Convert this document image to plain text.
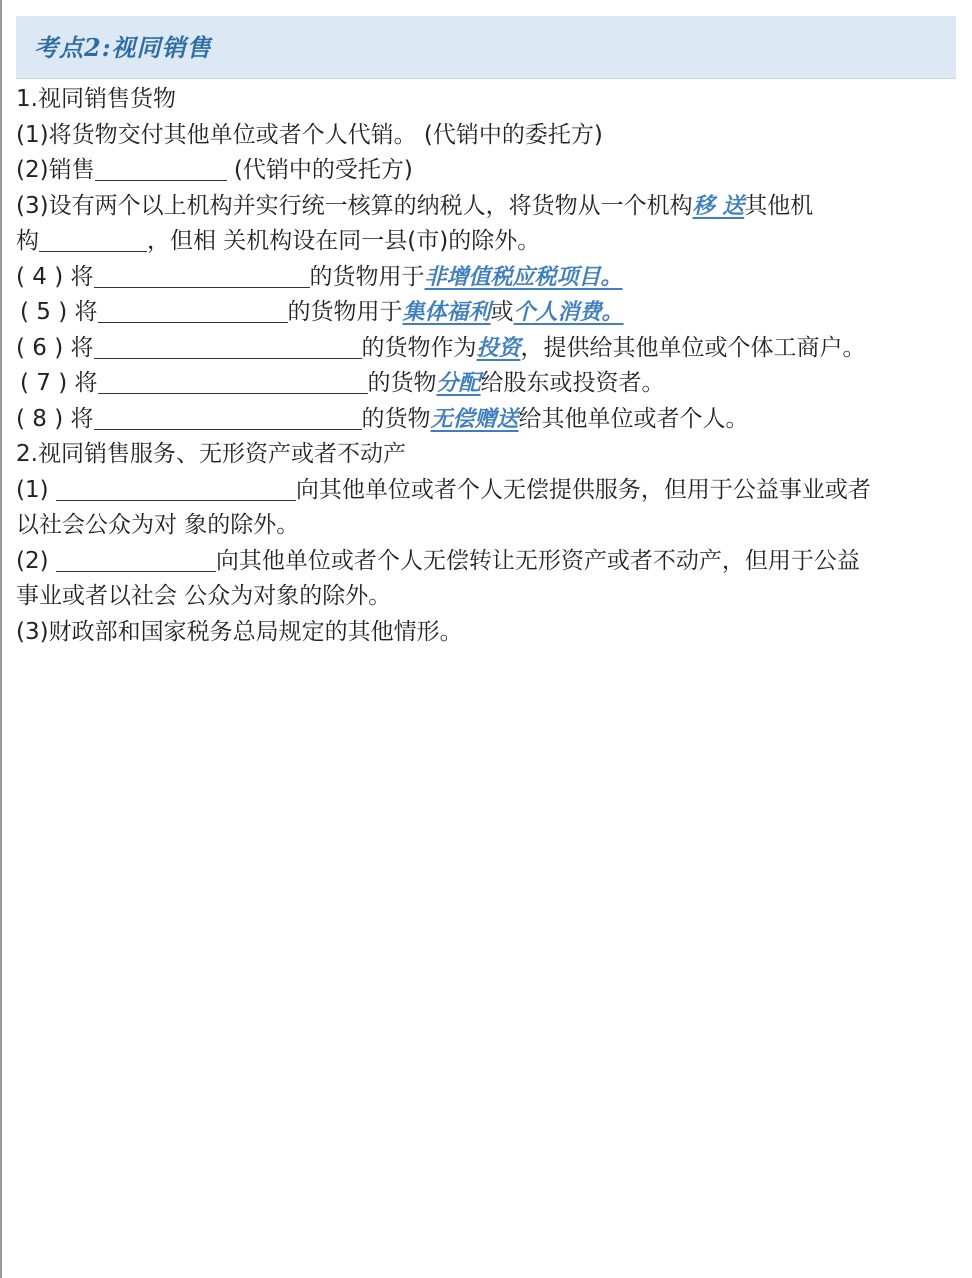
考点2:视同销售
1.视同销售货物
(1)将货物交付其他单位或者个人代销。 (代销中的委托方)
(2)销售	(代销中的受托方)
(3)设有两个以上机构并实行统一核算的纳税人，将货物从一个机构移 送其他机
构	，但相 关机构设在同一县(市)的除外。
( 4 ) 将	的货物用于非增值税应税项目。
( 5 ) 将	的货物用于集体福利或个人消费。
( 6 ) 将	的货物作为投资，提供给其他单位或个体工商户。
( 7 ) 将	的货物分配给股东或投资者。
( 8 ) 将	的货物无偿赠送给其他单位或者个人。
2.视同销售服务、无形资产或者不动产
(1)	向其他单位或者个人无偿提供服务，但用于公益事业或者
以社会公众为对 象的除外。
(2)	向其他单位或者个人无偿转让无形资产或者不动产，但用于公益
事业或者以社会 公众为对象的除外。
(3)财政部和国家税务总局规定的其他情形。
